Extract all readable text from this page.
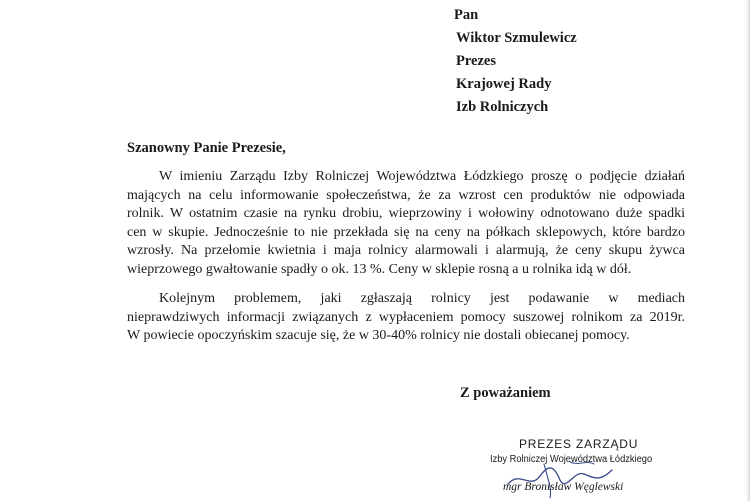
Pan
Wiktor Szmulewicz
Prezes
Krajowej Rady
Izb Rolniczych
Szanowny Panie Prezesie,
W imieniu Zarządu Izby Rolniczej Województwa Łódzkiego proszę o podjęcie działań
mających na celu informowanie społeczeństwa, że za wzrost cen produktów nie odpowiada
rolnik. W ostatnim czasie na rynku drobiu, wieprzowiny i wołowiny odnotowano duże spadki
cen w skupie. Jednocześnie to nie przekłada się na ceny na półkach sklepowych, które bardzo
wzrosły. Na przełomie kwietnia i maja rolnicy alarmowali i alarmują, że ceny skupu żywca
wieprzowego gwałtowanie spadły o ok. 13 %. Ceny w sklepie rosną a u rolnika idą w dół.
Kolejnym problemem, jaki zgłaszają rolnicy jest podawanie w mediach
nieprawdziwych informacji związanych z wypłaceniem pomocy suszowej rolnikom za 2019r.
W powiecie opoczyńskim szacuje się, że w 30-40% rolnicy nie dostali obiecanej pomocy.
Z poważaniem
PREZES ZARZĄDU
Izby Rolniczej Województwa Łódzkiego
mgr Bronisław Węglewski
